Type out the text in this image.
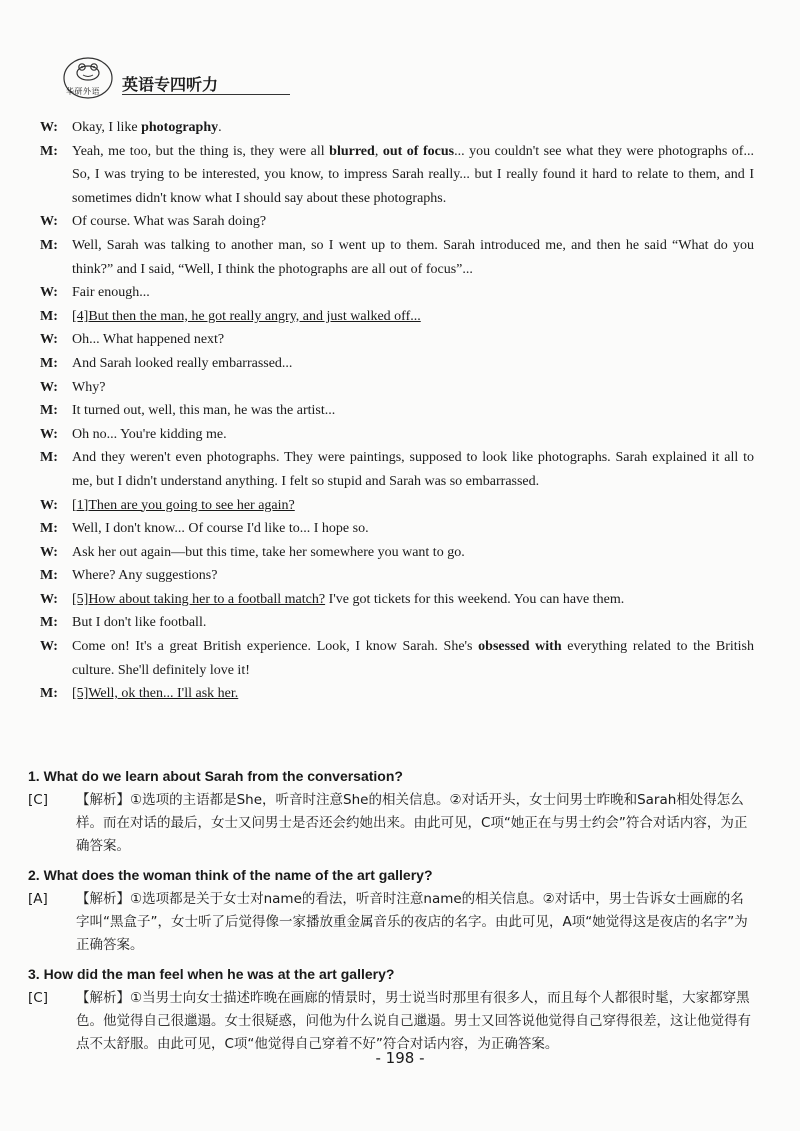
华研外语 英语专四听力
W:	Okay, I like photography.
M:	Yeah, me too, but the thing is, they were all blurred, out of focus... you couldn't see what they were photographs of... So, I was trying to be interested, you know, to impress Sarah really... but I really found it hard to relate to them, and I sometimes didn't know what I should say about these photographs.
W:	Of course. What was Sarah doing?
M:	Well, Sarah was talking to another man, so I went up to them. Sarah introduced me, and then he said “What do you think?” and I said, “Well, I think the photographs are all out of focus”...
W:	Fair enough...
M:	[4]But then the man, he got really angry, and just walked off...
W:	Oh... What happened next?
M:	And Sarah looked really embarrassed...
W:	Why?
M:	It turned out, well, this man, he was the artist...
W:	Oh no... You're kidding me.
M:	And they weren't even photographs. They were paintings, supposed to look like photographs. Sarah explained it all to me, but I didn't understand anything. I felt so stupid and Sarah was so embarrassed.
W:	[1]Then are you going to see her again?
M:	Well, I don't know... Of course I'd like to... I hope so.
W:	Ask her out again—but this time, take her somewhere you want to go.
M:	Where? Any suggestions?
W:	[5]How about taking her to a football match? I've got tickets for this weekend. You can have them.
M:	But I don't like football.
W:	Come on! It's a great British experience. Look, I know Sarah. She's obsessed with everything related to the British culture. She'll definitely love it!
M:	[5]Well, ok then... I'll ask her.
1. What do we learn about Sarah from the conversation?
[C]	【解析】①选项的主语都是She，听音时注意She的相关信息。②对话开头，女士问男士昨晚和Sarah相处得怎么样。而在对话的最后，女士又问男士是否还会约她出来。由此可见，C项“她正在与男士约会”符合对话内容，为正确答案。
2. What does the woman think of the name of the art gallery?
[A]	【解析】①选项都是关于女士对name的看法，听音时注意name的相关信息。②对话中，男士告诉女士画廊的名字叫“黑盒子”，女士听了后觉得像一家播放重金属音乐的夜店的名字。由此可见，A项“她觉得这是夜店的名字”为正确答案。
3. How did the man feel when he was at the art gallery?
[C]	【解析】①当男士向女士描述昨晚在画廊的情景时，男士说当时那里有很多人，而且每个人都很时髦，大家都穿黑色。他觉得自己很邋遢。女士很疑惑，问他为什么说自己邋遢。男士又回答说他觉得自己穿得很差，这让他觉得有点不太舒服。由此可见，C项“他觉得自己穿着不好”符合对话内容，为正确答案。
- 198 -
